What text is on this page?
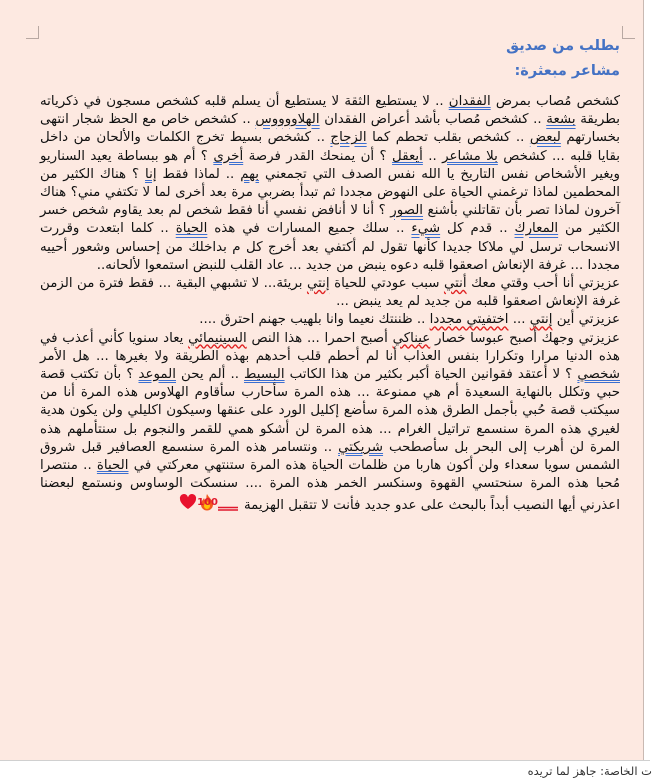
بطلب من صديق

مشاعر مبعثرة:

كشخص مُصاب بمرض الفقدان .. لا يستطيع الثقة لا يستطيع أن يسلم قلبه كشخص مسجون في ذكرياته بطريقة بشعة .. كشخص مُصاب بأشد أعراض الفقدان الهلاووووس .. كشخص خاص مع الحظ شجار انتهى بخسارتهم لبعض .. كشخص بقلب تحطم كما الزجاج .. كشخص بسيط تخرج الكلمات والألحان من داخل بقايا قلبه ... كشخص بلا مشاعر .. أيعقل ؟ أن يمنحك القدر فرصة أخرى ؟ أم هو ببساطة يعيد السناريو ويغير الأشخاص نفس التاريخ يا الله نفس الصدف التي تجمعني بهم .. لماذا فقط إنا ؟ هناك الكثير من المحطمين لماذا ترغمني الحياة على النهوض مجددا ثم تبدأ بضربي مرة بعد أخرى لما لا تكتفي مني؟ هناك آخرون لماذا تصر بأن تقاتلني بأشنع الصور ؟ أنا لا أنافض نفسي أنا فقط شخص لم بعد يقاوم شخص خسر الكثير من المعارك .. قدم كل شيء .. سلك جميع المسارات في هذه الحياة .. كلما ابتعدت وقررت الانسحاب ترسل لي ملاكا جديدا كأنها تقول لم أكتفي بعد أخرج كل م بداخلك من إحساس وشعور أحييه مجددا ... غرفة الإنعاش اصعقوا قلبه دعوه ينبض من جديد ... عاد القلب للنبض استمعوا لألحانه..

عزيزتي أنا أحب وقتي معك أنتي سبب عودتي للحياة إنتي بريئة... لا تشبهي البقية ... فقط فترة من الزمن غرفة الإنعاش اصعقوا قلبه من جديد لم يعد ينبض ...

عزيزتي أين إنتي ... اختفيتي مجددا .. ظننتك نعيما وانا بلهيب جهنم احترق ....

عزيزتي وجهك أصبح عبوسا خصار عيناكي أصبح احمرا ... هذا النص السينيمائي يعاد سنويا كأني أعذب في هذه الدنيا مرارا وتكرارا بنفس العذاب أنا لم أحطم قلب أحدهم بهذه الطريقة ولا بغيرها ... هل الأمر شخصي ؟ لا أعتقد فقوانين الحياة أكبر بكثير من هذا الكاتب البسيط .. ألم يحن الموعد ؟ بأن تكتب قصة حبي وتكلل بالنهاية السعيدة أم هي ممنوعة ... هذه المرة سأحارب سأقاوم الهلاوس هذه المرة أنا من سيكتب قصة حُبي بأجمل الطرق هذه المرة سأضع إكليل الورد على عنقها وسيكون اكليلي ولن يكون هدية لغيري هذه المرة سنسمع تراتيل الغرام ... هذه المرة لن أشكو همي للقمر والنجوم بل سنتأملهم هذه المرة لن أهرب إلى البحر بل سأصطحب شريكتي .. ونتسامر هذه المرة سنسمع العصافير قبل شروق الشمس سويا سعداء ولن أكون هاربا من ظلمات الحياة هذه المرة ستنتهي معركتي في الحياة .. منتصرا مُحبا هذه المرة سنحتسي القهوة وسنكسر الخمر هذه المرة .... سنسكت الوساوس ونستمع لبعضنا اعذرني أيها النصيب أبداً بالبحث على عدو جديد فأنت لا تتقبل الهزيمة
100

ت الخاصة: جاهز لما تريده
